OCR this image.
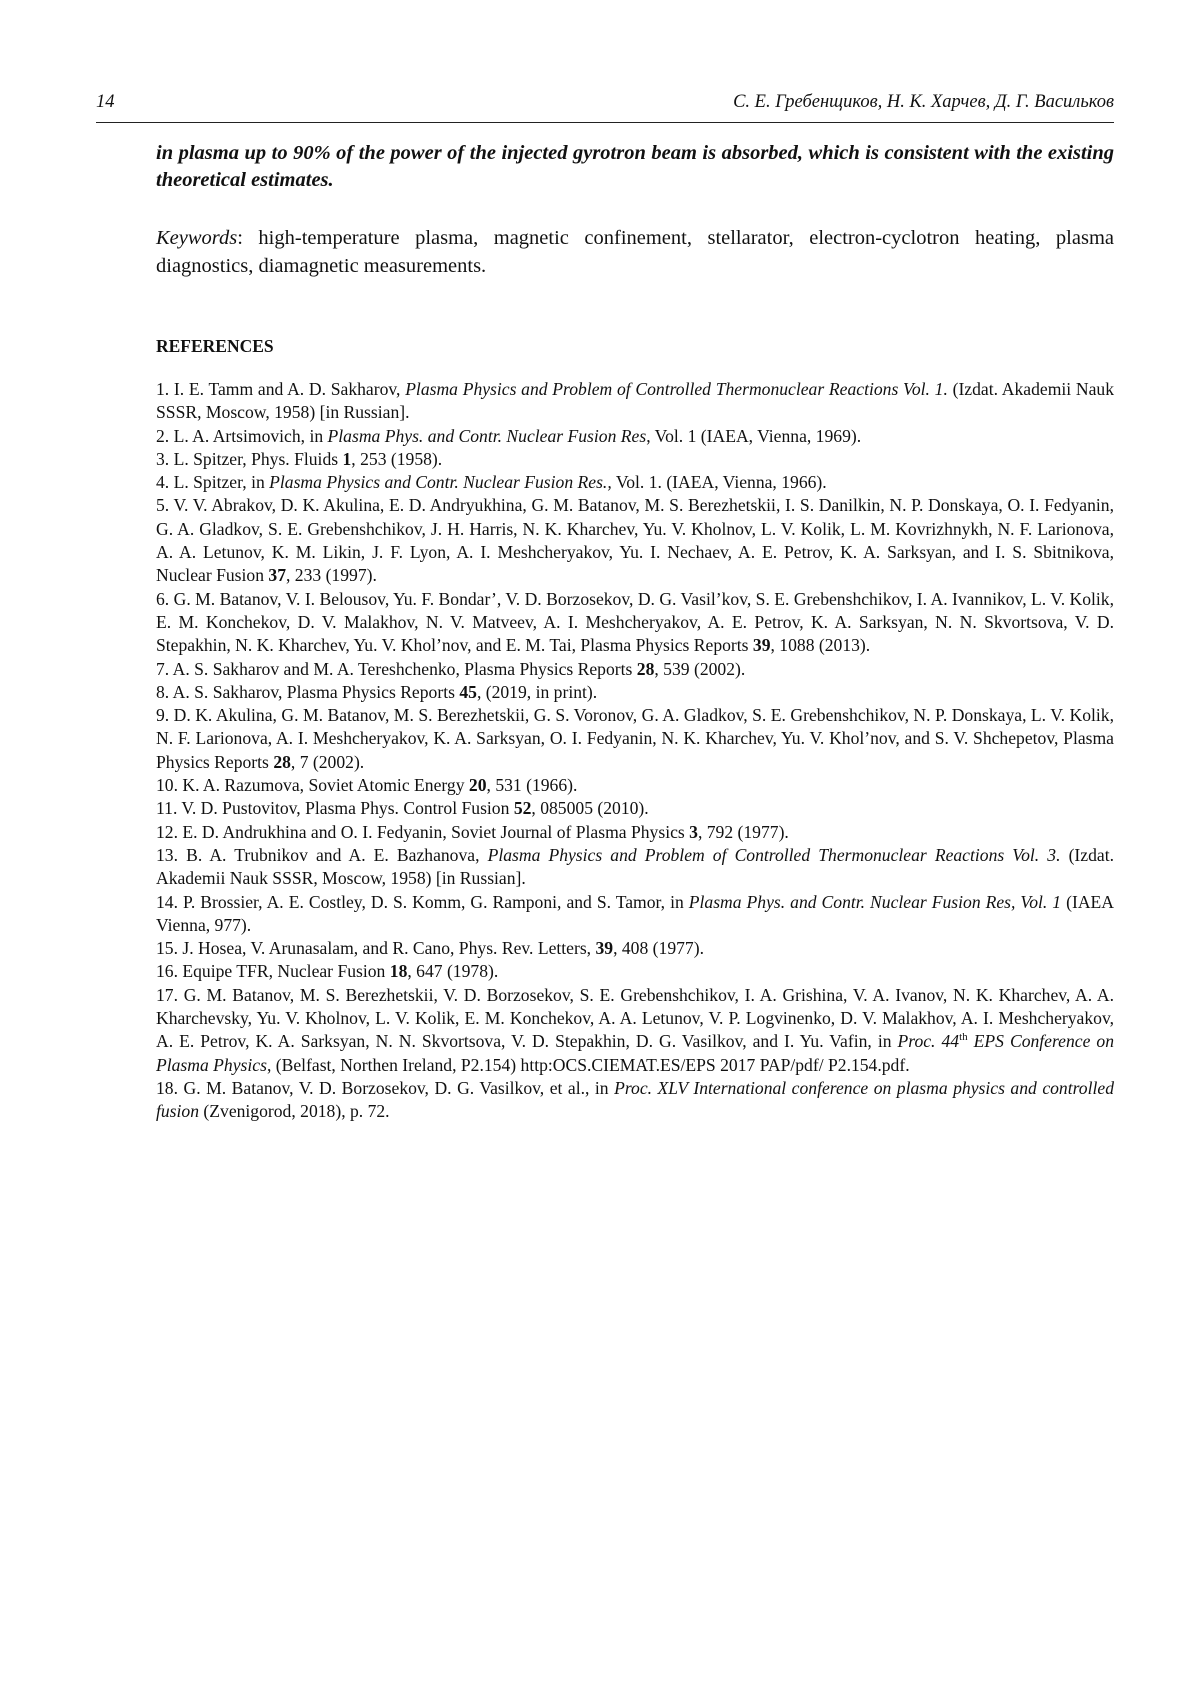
14	С. Е. Гребенщиков, Н. К. Харчев, Д. Г. Васильков
in plasma up to 90% of the power of the injected gyrotron beam is absorbed, which is consistent with the existing theoretical estimates.
Keywords: high-temperature plasma, magnetic confinement, stellarator, electron-cyclotron heating, plasma diagnostics, diamagnetic measurements.
REFERENCES

1. I. E. Tamm and A. D. Sakharov, Plasma Physics and Problem of Controlled Thermonuclear Reactions Vol. 1. (Izdat. Akademii Nauk SSSR, Moscow, 1958) [in Russian].

2. L. A. Artsimovich, in Plasma Phys. and Contr. Nuclear Fusion Res, Vol. 1 (IAEA, Vienna, 1969).

3. L. Spitzer, Phys. Fluids 1, 253 (1958).

4. L. Spitzer, in Plasma Physics and Contr. Nuclear Fusion Res., Vol. 1. (IAEA, Vienna, 1966).

5. V. V. Abrakov, D. K. Akulina, E. D. Andryukhina, G. M. Batanov, M. S. Berezhetskii, I. S. Danilkin, N. P. Donskaya, O. I. Fedyanin, G. A. Gladkov, S. E. Grebenshchikov, J. H. Harris, N. K. Kharchev, Yu. V. Kholnov, L. V. Kolik, L. M. Kovrizhnykh, N. F. Larionova, A. A. Letunov, K. M. Likin, J. F. Lyon, A. I. Meshcheryakov, Yu. I. Nechaev, A. E. Petrov, K. A. Sarksyan, and I. S. Sbitnikova, Nuclear Fusion 37, 233 (1997).

6. G. M. Batanov, V. I. Belousov, Yu. F. Bondar’, V. D. Borzosekov, D. G. Vasil’kov, S. E. Grebenshchikov, I. A. Ivannikov, L. V. Kolik, E. M. Konchekov, D. V. Malakhov, N. V. Matveev, A. I. Meshcheryakov, A. E. Petrov, K. A. Sarksyan, N. N. Skvortsova, V. D. Stepakhin, N. K. Kharchev, Yu. V. Khol’nov, and E. M. Tai, Plasma Physics Reports 39, 1088 (2013).

7. A. S. Sakharov and M. A. Tereshchenko, Plasma Physics Reports 28, 539 (2002).

8. A. S. Sakharov, Plasma Physics Reports 45, (2019, in print).

9. D. K. Akulina, G. M. Batanov, M. S. Berezhetskii, G. S. Voronov, G. A. Gladkov, S. E. Grebenshchikov, N. P. Donskaya, L. V. Kolik, N. F. Larionova, A. I. Meshcheryakov, K. A. Sarksyan, O. I. Fedyanin, N. K. Kharchev, Yu. V. Khol’nov, and S. V. Shchepetov, Plasma Physics Reports 28, 7 (2002).

10. K. A. Razumova, Soviet Atomic Energy 20, 531 (1966).

11. V. D. Pustovitov, Plasma Phys. Control Fusion 52, 085005 (2010).

12. E. D. Andrukhina and O. I. Fedyanin, Soviet Journal of Plasma Physics 3, 792 (1977).

13. B. A. Trubnikov and A. E. Bazhanova, Plasma Physics and Problem of Controlled Thermonuclear Reactions Vol. 3. (Izdat. Akademii Nauk SSSR, Moscow, 1958) [in Russian].

14. P. Brossier, A. E. Costley, D. S. Komm, G. Ramponi, and S. Tamor, in Plasma Phys. and Contr. Nuclear Fusion Res, Vol. 1 (IAEA Vienna, 977).

15. J. Hosea, V. Arunasalam, and R. Cano, Phys. Rev. Letters, 39, 408 (1977).

16. Equipe TFR, Nuclear Fusion 18, 647 (1978).

17. G. M. Batanov, M. S. Berezhetskii, V. D. Borzosekov, S. E. Grebenshchikov, I. A. Grishina, V. A. Ivanov, N. K. Kharchev, A. A. Kharchevsky, Yu. V. Kholnov, L. V. Kolik, E. M. Konchekov, A. A. Letunov, V. P. Logvinenko, D. V. Malakhov, A. I. Meshcheryakov, A. E. Petrov, K. A. Sarksyan, N. N. Skvortsova, V. D. Stepakhin, D. G. Vasilkov, and I. Yu. Vafin, in Proc. 44th EPS Conference on Plasma Physics, (Belfast, Northen Ireland, P2.154) http:OCS.CIEMAT.ES/EPS 2017 PAP/pdf/ P2.154.pdf.

18. G. M. Batanov, V. D. Borzosekov, D. G. Vasilkov, et al., in Proc. XLV International conference on plasma physics and controlled fusion (Zvenigorod, 2018), p. 72.
